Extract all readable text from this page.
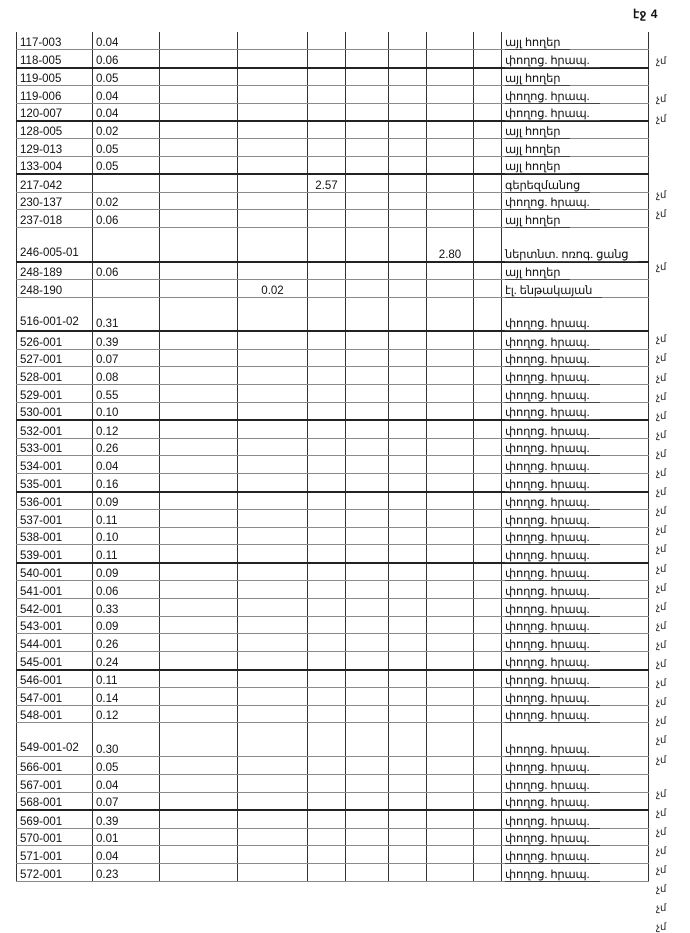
էջ 4
117-003	0.04								այլ հողեր
118-005	0.06								փողոց. հրապ.
119-005	0.05								այլ հողեր
119-006	0.04								փողոց. հրապ.
120-007	0.04								փողոց. հրապ.
128-005	0.02								այլ հողեր
129-013	0.05								այլ հողեր
133-004	0.05								այլ հողեր
217-042				2.57					գերեզմանոց
230-137	0.02								փողոց. հրապ.
237-018	0.06								այլ հողեր
246-005-01							2.80		ներտնտ. ոռոգ. ցանց
248-189	0.06								այլ հողեր
248-190			0.02						էլ. ենթակայան
516-001-02	0.31								փողոց. հրապ.
526-001	0.39								փողոց. հրապ.
527-001	0.07								փողոց. հրապ.
528-001	0.08								փողոց. հրապ.
529-001	0.55								փողոց. հրապ.
530-001	0.10								փողոց. հրապ.
532-001	0.12								փողոց. հրապ.
533-001	0.26								փողոց. հրապ.
534-001	0.04								փողոց. հրապ.
535-001	0.16								փողոց. հրապ.
536-001	0.09								փողոց. հրապ.
537-001	0.11								փողոց. հրապ.
538-001	0.10								փողոց. հրապ.
539-001	0.11								փողոց. հրապ.
540-001	0.09								փողոց. հրապ.
541-001	0.06								փողոց. հրապ.
542-001	0.33								փողոց. հրապ.
543-001	0.09								փողոց. հրապ.
544-001	0.26								փողոց. հրապ.
545-001	0.24								փողոց. հրապ.
546-001	0.11								փողոց. հրապ.
547-001	0.14								փողոց. հրապ.
548-001	0.12								փողոց. հրապ.
549-001-02	0.30								փողոց. հրապ.
566-001	0.05								փողոց. հրապ.
567-001	0.04								փողոց. հրապ.
568-001	0.07								փողոց. հրապ.
569-001	0.39								փողոց. հրապ.
570-001	0.01								փողոց. հրապ.
571-001	0.04								փողոց. հրապ.
572-001	0.23								փողոց. հրապ.
չմ
չմ
չմ
չմ
չմ
չմ
չմ
չմ
չմ
չմ
չմ
չմ
չմ
չմ
չմ
չմ
չմ
չմ
չմ
չմ
չմ
չմ
չմ
չմ
չմ
չմ
չմ
չմ
չմ
չմ
չմ
չմ
չմ
չմ
չմ
չմ
չմ
